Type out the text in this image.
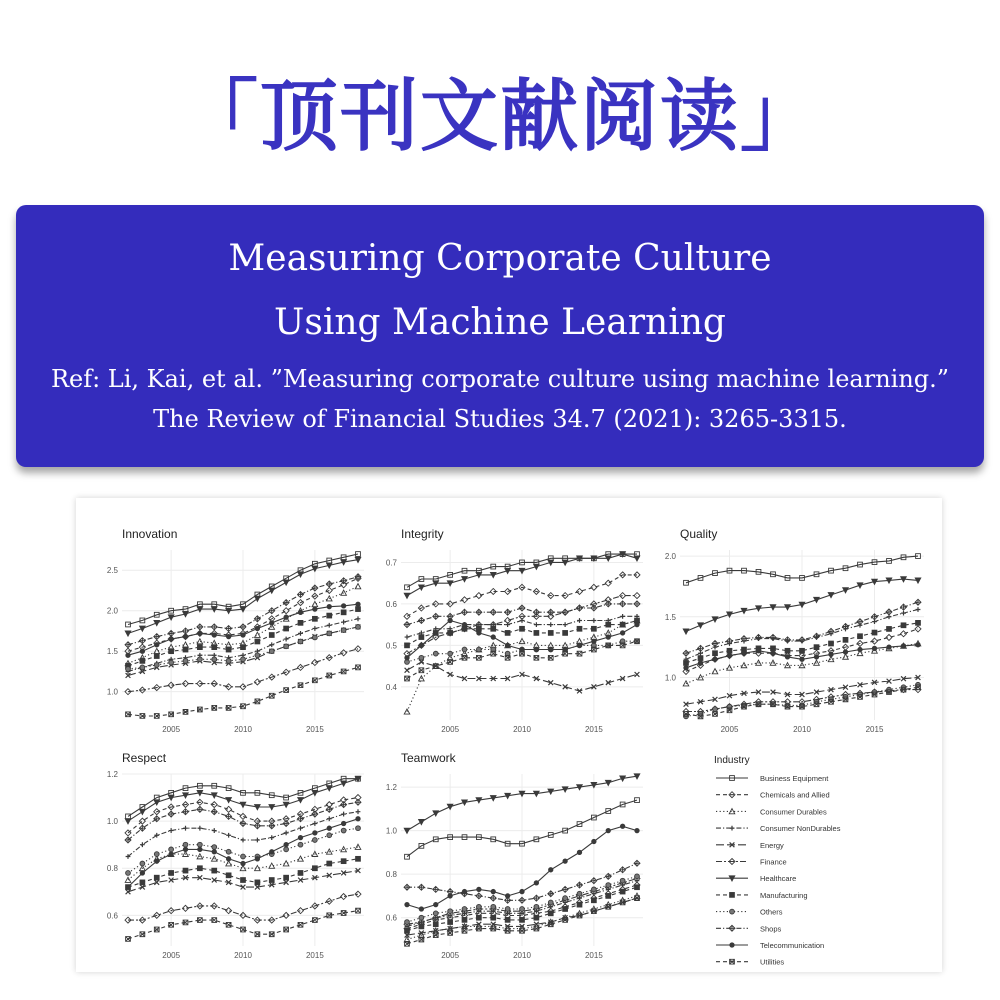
「顶刊文献阅读」
Measuring Corporate Culture
Using Machine Learning
Ref: Li, Kai, et al. ”Measuring corporate culture using machine learning.”
The Review of Financial Studies 34.7 (2021): 3265-3315.
Innovation
1.0
1.5
2.0
2.5
2005	2010	2015
Integrity
0.4
0.5
0.6
0.7
2005	2010	2015
Quality
1.0
1.5
2.0
2005	2010	2015
Respect
0.6
0.8
1.0
1.2
2005	2010	2015
Teamwork
0.6
0.8
1.0
1.2
2005	2010	2015
Industry
Business Equipment
Chemicals and Allied
Consumer Durables
Consumer NonDurables
Energy
Finance
Healthcare
Manufacturing
Others
Shops
Telecommunication
Utilities
